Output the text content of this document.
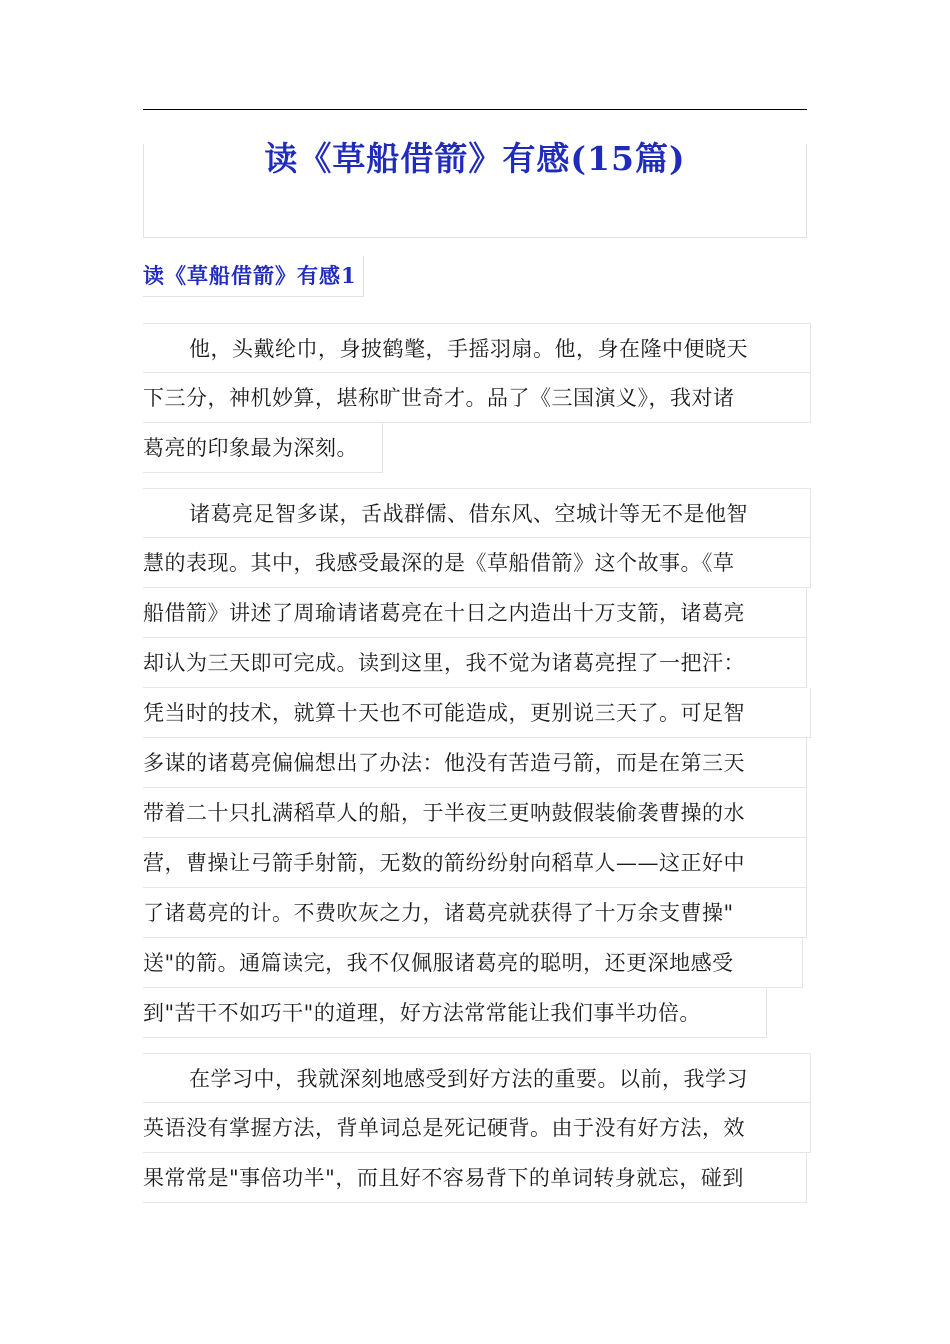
读《草船借箭》有感(15篇)
读《草船借箭》有感1
他，头戴纶巾，身披鹤氅，手摇羽扇。他，身在隆中便晓天
下三分，神机妙算，堪称旷世奇才。品了《三国演义》，我对诸
葛亮的印象最为深刻。
诸葛亮足智多谋，舌战群儒、借东风、空城计等无不是他智
慧的表现。其中，我感受最深的是《草船借箭》这个故事。《草
船借箭》讲述了周瑜请诸葛亮在十日之内造出十万支箭，诸葛亮
却认为三天即可完成。读到这里，我不觉为诸葛亮捏了一把汗：
凭当时的技术，就算十天也不可能造成，更别说三天了。可足智
多谋的诸葛亮偏偏想出了办法：他没有苦造弓箭，而是在第三天
带着二十只扎满稻草人的船，于半夜三更呐鼓假装偷袭曹操的水
营，曹操让弓箭手射箭，无数的箭纷纷射向稻草人——这正好中
了诸葛亮的计。不费吹灰之力，诸葛亮就获得了十万余支曹操"
送"的箭。通篇读完，我不仅佩服诸葛亮的聪明，还更深地感受
到"苦干不如巧干"的道理，好方法常常能让我们事半功倍。
在学习中，我就深刻地感受到好方法的重要。以前，我学习
英语没有掌握方法，背单词总是死记硬背。由于没有好方法，效
果常常是"事倍功半"，而且好不容易背下的单词转身就忘，碰到
